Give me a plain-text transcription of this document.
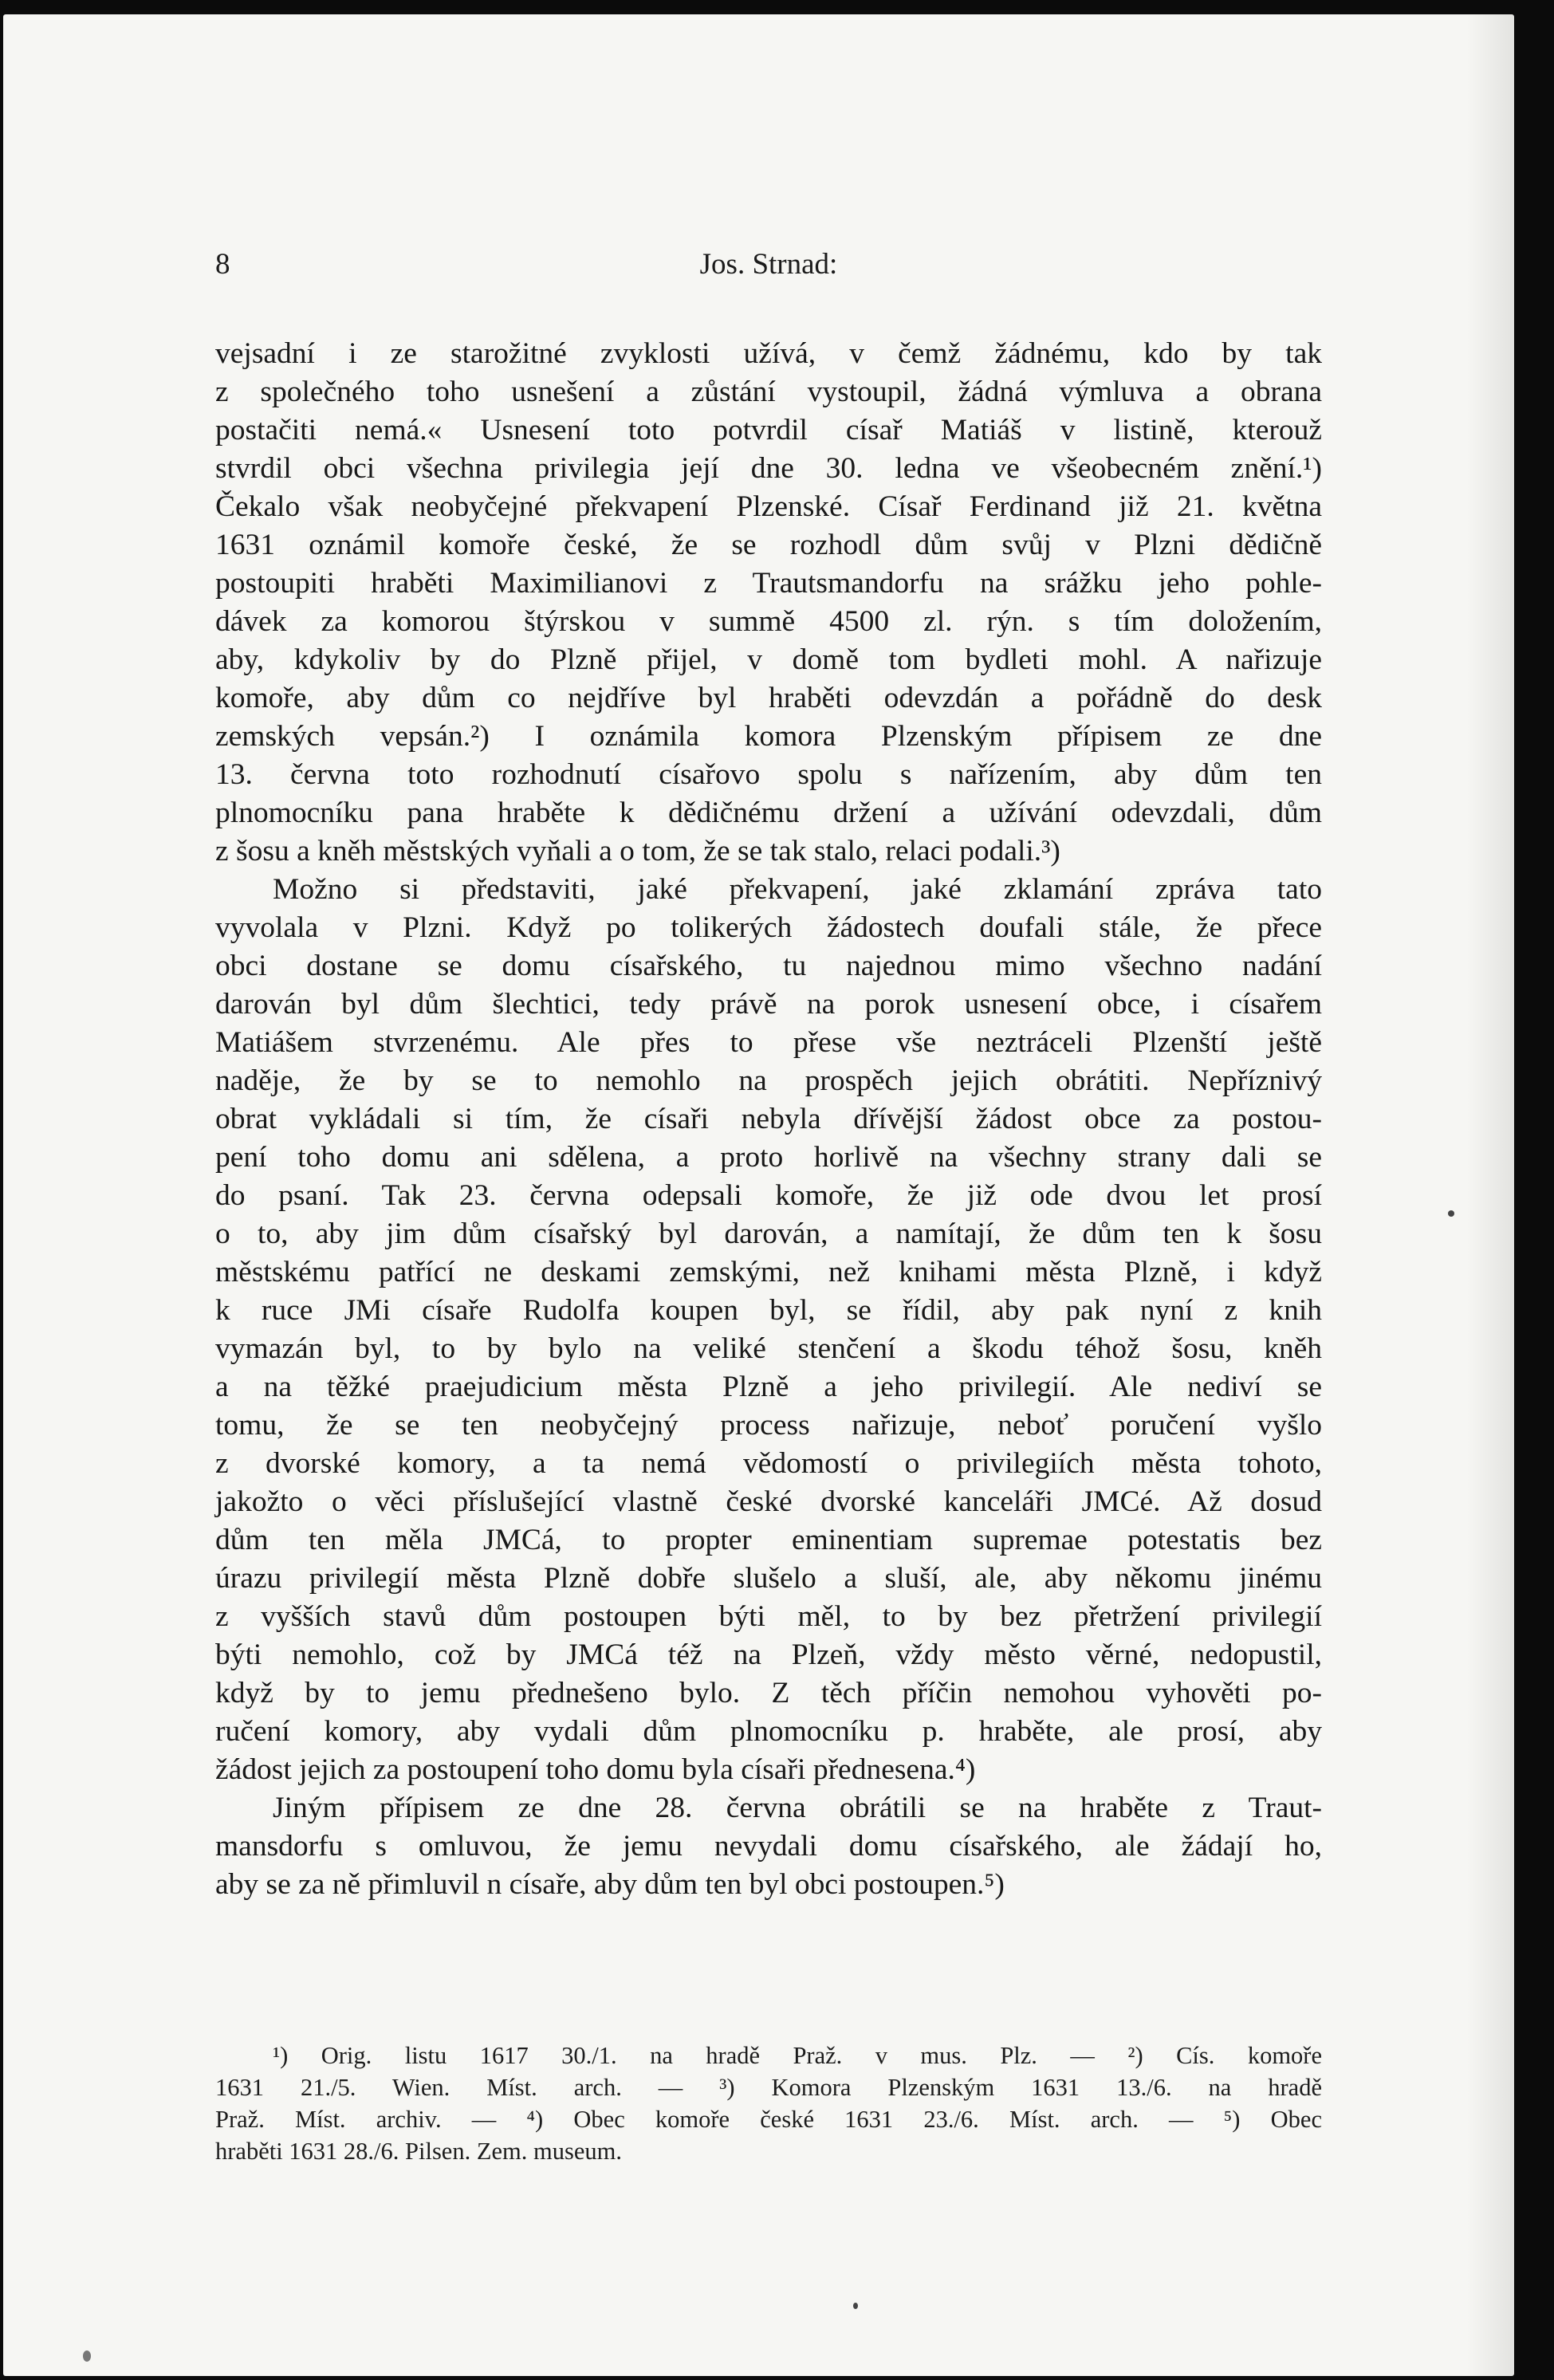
8	Jos. Strnad:

vejsadní i ze starožitné zvyklosti užívá, v čemž žádnému, kdo by tak
z společného toho usnešení a zůstání vystoupil, žádná výmluva a obrana
postačiti nemá.« Usnesení toto potvrdil císař Matiáš v listině, kterouž
stvrdil obci všechna privilegia její dne 30. ledna ve všeobecném znění.¹)
Čekalo však neobyčejné překvapení Plzenské. Císař Ferdinand již 21. května
1631 oznámil komoře české, že se rozhodl dům svůj v Plzni dědičně
postoupiti hraběti Maximilianovi z Trautsmandorfu na srážku jeho pohle-
dávek za komorou štýrskou v summě 4500 zl. rýn. s tím doložením,
aby, kdykoliv by do Plzně přijel, v domě tom bydleti mohl. A nařizuje
komoře, aby dům co nejdříve byl hraběti odevzdán a pořádně do desk
zemských vepsán.²) I oznámila komora Plzenským přípisem ze dne
13. června toto rozhodnutí císařovo spolu s nařízením, aby dům ten
plnomocníku pana hraběte k dědičnému držení a užívání odevzdali, dům
z šosu a kněh městských vyňali a o tom, že se tak stalo, relaci podali.³)

Možno si představiti, jaké překvapení, jaké zklamání zpráva tato
vyvolala v Plzni. Když po tolikerých žádostech doufali stále, že přece
obci dostane se domu císařského, tu najednou mimo všechno nadání
darován byl dům šlechtici, tedy právě na porok usnesení obce, i císařem
Matiášem stvrzenému. Ale přes to přese vše neztráceli Plzenští ještě
naděje, že by se to nemohlo na prospěch jejich obrátiti. Nepříznivý
obrat vykládali si tím, že císaři nebyla dřívější žádost obce za postou-
pení toho domu ani sdělena, a proto horlivě na všechny strany dali se
do psaní. Tak 23. června odepsali komoře, že již ode dvou let prosí
o to, aby jim dům císařský byl darován, a namítají, že dům ten k šosu
městskému patřící ne deskami zemskými, než knihami města Plzně, i když
k ruce JMi císaře Rudolfa koupen byl, se řídil, aby pak nyní z knih
vymazán byl, to by bylo na veliké stenčení a škodu téhož šosu, kněh
a na těžké praejudicium města Plzně a jeho privilegií. Ale nediví se
tomu, že se ten neobyčejný process nařizuje, neboť poručení vyšlo
z dvorské komory, a ta nemá vědomostí o privilegiích města tohoto,
jakožto o věci příslušející vlastně české dvorské kanceláři JMCé. Až dosud
dům ten měla JMCá, to propter eminentiam supremae potestatis bez
úrazu privilegií města Plzně dobře slušelo a sluší, ale, aby někomu jinému
z vyšších stavů dům postoupen býti měl, to by bez přetržení privilegií
býti nemohlo, což by JMCá též na Plzeň, vždy město věrné, nedopustil,
když by to jemu přednešeno bylo. Z těch příčin nemohou vyhověti po-
ručení komory, aby vydali dům plnomocníku p. hraběte, ale prosí, aby
žádost jejich za postoupení toho domu byla císaři přednesena.⁴)

Jiným přípisem ze dne 28. června obrátili se na hraběte z Traut-
mansdorfu s omluvou, že jemu nevydali domu císařského, ale žádají ho,
aby se za ně přimluvil n císaře, aby dům ten byl obci postoupen.⁵)

¹) Orig. listu 1617 30./1. na hradě Praž. v mus. Plz. — ²) Cís. komoře
1631 21./5. Wien. Míst. arch. — ³) Komora Plzenským 1631 13./6. na hradě
Praž. Míst. archiv. — ⁴) Obec komoře české 1631 23./6. Míst. arch. — ⁵) Obec
hraběti 1631 28./6. Pilsen. Zem. museum.
